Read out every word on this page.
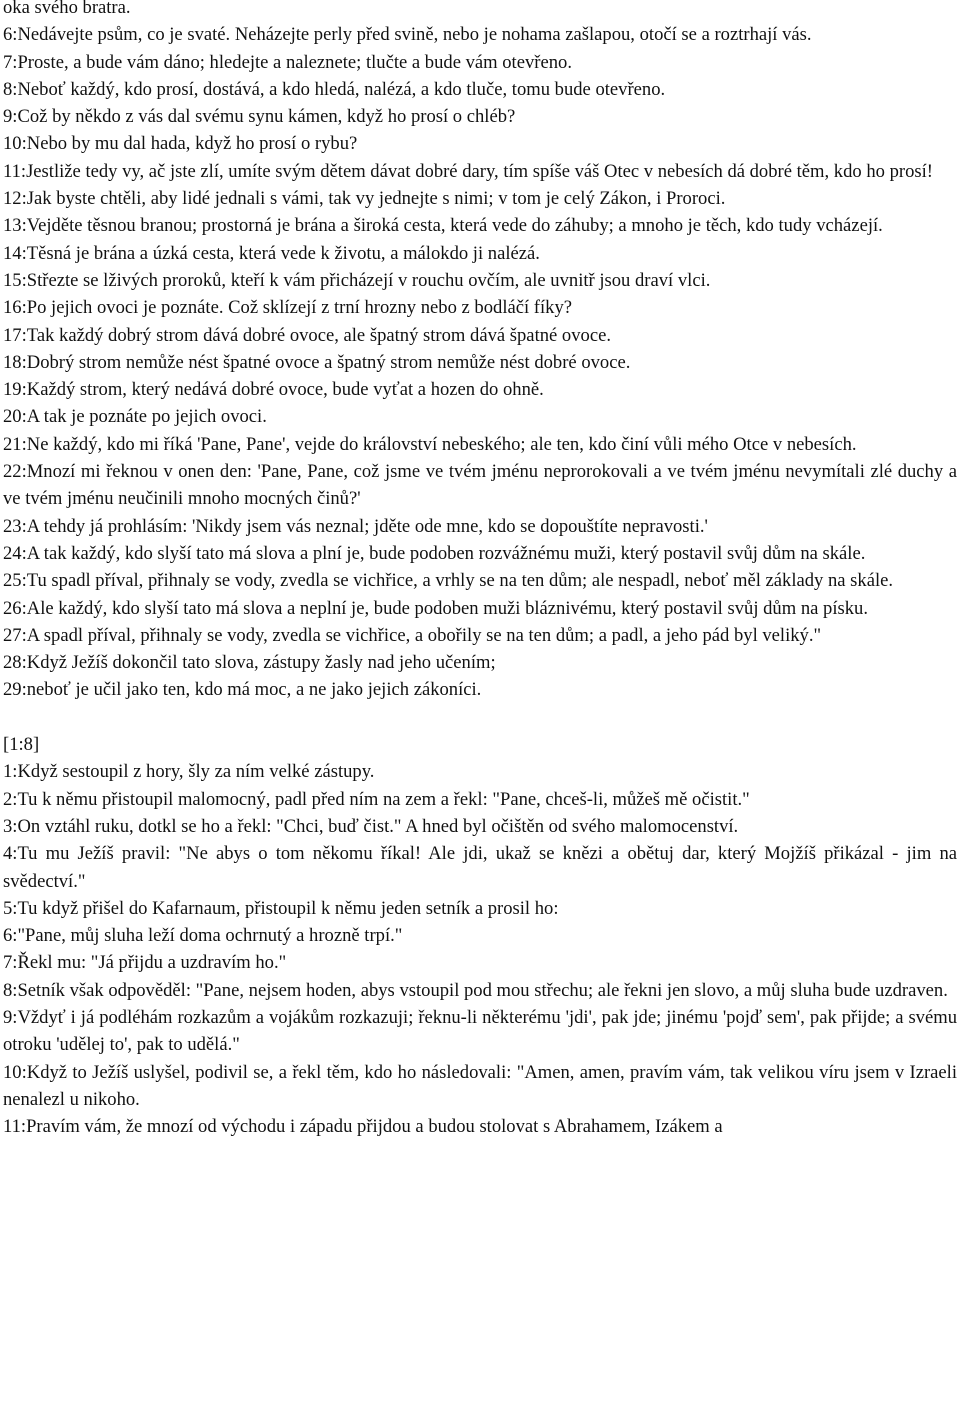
oka svého bratra.

6:Nedávejte psům, co je svaté. Neházejte perly před svině, nebo je nohama zašlapou, otočí se a roztrhají vás.

7:Proste, a bude vám dáno; hledejte a naleznete; tlučte a bude vám otevřeno.

8:Neboť každý, kdo prosí, dostává, a kdo hledá, nalézá, a kdo tluče, tomu bude otevřeno.

9:Což by někdo z vás dal svému synu kámen, když ho prosí o chléb?

10:Nebo by mu dal hada, když ho prosí o rybu?

11:Jestliže tedy vy, ač jste zlí, umíte svým dětem dávat dobré dary, tím spíše váš Otec v nebesích dá dobré těm, kdo ho prosí!

12:Jak byste chtěli, aby lidé jednali s vámi, tak vy jednejte s nimi; v tom je celý Zákon, i Proroci.

13:Vejděte těsnou branou; prostorná je brána a široká cesta, která vede do záhuby; a mnoho je těch, kdo tudy vcházejí.

14:Těsná je brána a úzká cesta, která vede k životu, a málokdo ji nalézá.

15:Střezte se lživých proroků, kteří k vám přicházejí v rouchu ovčím, ale uvnitř jsou draví vlci.

16:Po jejich ovoci je poznáte. Což sklízejí z trní hrozny nebo z bodláčí fíky?

17:Tak každý dobrý strom dává dobré ovoce, ale špatný strom dává špatné ovoce.

18:Dobrý strom nemůže nést špatné ovoce a špatný strom nemůže nést dobré ovoce.

19:Každý strom, který nedává dobré ovoce, bude vyťat a hozen do ohně.

20:A tak je poznáte po jejich ovoci.

21:Ne každý, kdo mi říká 'Pane, Pane', vejde do království nebeského; ale ten, kdo činí vůli mého Otce v nebesích.

22:Mnozí mi řeknou v onen den: 'Pane, Pane, což jsme ve tvém jménu neprorokovali a ve tvém jménu nevymítali zlé duchy a ve tvém jménu neučinili mnoho mocných činů?'

23:A tehdy já prohlásím: 'Nikdy jsem vás neznal; jděte ode mne, kdo se dopouštíte nepravosti.'

24:A tak každý, kdo slyší tato má slova a plní je, bude podoben rozvážnému muži, který postavil svůj dům na skále.

25:Tu spadl příval, přihnaly se vody, zvedla se vichřice, a vrhly se na ten dům; ale nespadl, neboť měl základy na skále.

26:Ale každý, kdo slyší tato má slova a neplní je, bude podoben muži bláznivému, který postavil svůj dům na písku.

27:A spadl příval, přihnaly se vody, zvedla se vichřice, a obořily se na ten dům; a padl, a jeho pád byl veliký."

28:Když Ježíš dokončil tato slova, zástupy žasly nad jeho učením;

29:neboť je učil jako ten, kdo má moc, a ne jako jejich zákoníci.

[1:8]

1:Když sestoupil z hory, šly za ním velké zástupy.

2:Tu k němu přistoupil malomocný, padl před ním na zem a řekl: "Pane, chceš-li, můžeš mě očistit."

3:On vztáhl ruku, dotkl se ho a řekl: "Chci, buď čist." A hned byl očištěn od svého malomocenství.

4:Tu mu Ježíš pravil: "Ne abys o tom někomu říkal! Ale jdi, ukaž se knězi a obětuj dar, který Mojžíš přikázal - jim na svědectví."

5:Tu když přišel do Kafarnaum, přistoupil k němu jeden setník a prosil ho:

6:"Pane, můj sluha leží doma ochrnutý a hrozně trpí."

7:Řekl mu: "Já přijdu a uzdravím ho."

8:Setník však odpověděl: "Pane, nejsem hoden, abys vstoupil pod mou střechu; ale řekni jen slovo, a můj sluha bude uzdraven.

9:Vždyť i já podléhám rozkazům a vojákům rozkazuji; řeknu-li některému 'jdi', pak jde; jinému 'pojď sem', pak přijde; a svému otroku 'udělej to', pak to udělá."

10:Když to Ježíš uslyšel, podivil se, a řekl těm, kdo ho následovali: "Amen, amen, pravím vám, tak velikou víru jsem v Izraeli nenalezl u nikoho.

11:Pravím vám, že mnozí od východu i západu přijdou a budou stolovat s Abrahamem, Izákem a
